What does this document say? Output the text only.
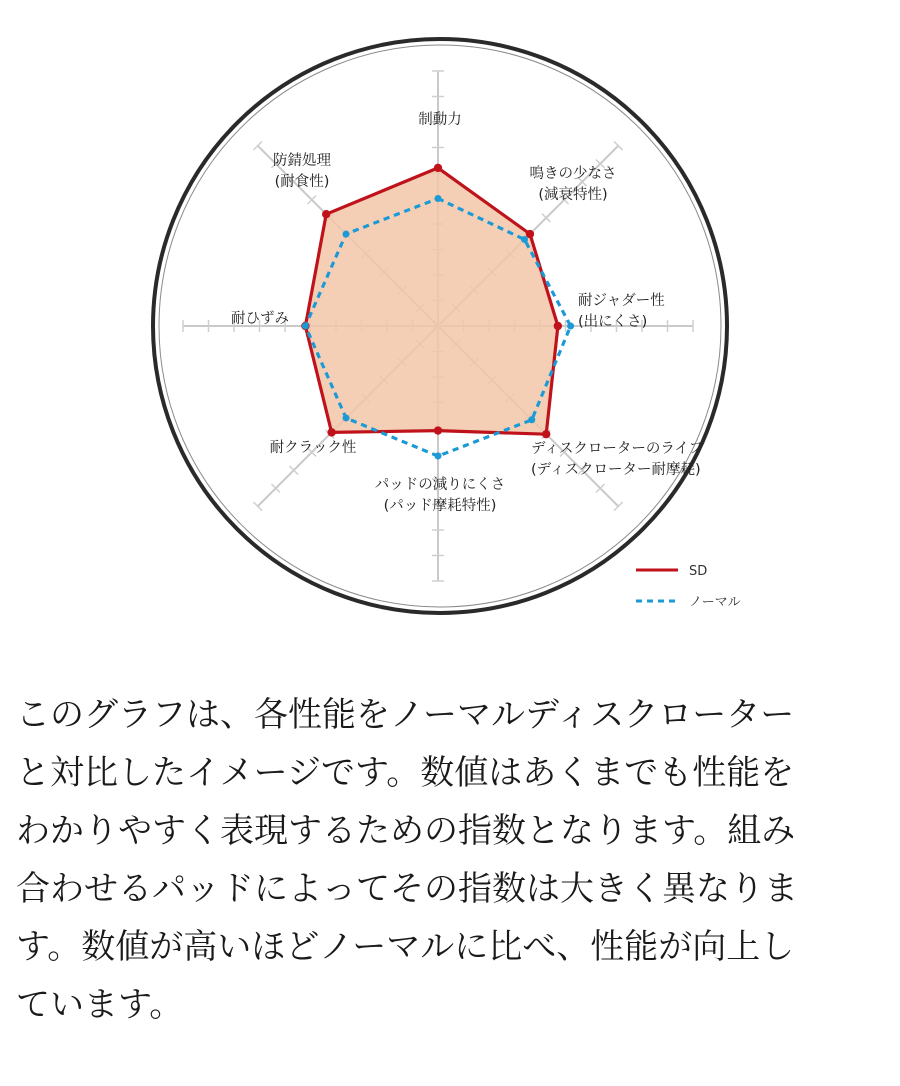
制動力
鳴きの少なさ
(減衰特性)
耐ジャダー性
(出にくさ)
ディスクローターのライフ
(ディスクローター耐摩耗)
パッドの減りにくさ
(パッド摩耗特性)
耐クラック性
耐ひずみ
防錆処理
(耐食性)
SD
ノーマル

このグラフは、各性能をノーマルディスクローター
と対比したイメージです。数値はあくまでも性能を
わかりやすく表現するための指数となります。組み
合わせるパッドによってその指数は大きく異なりま
す。数値が高いほどノーマルに比べ、性能が向上し
ています。
